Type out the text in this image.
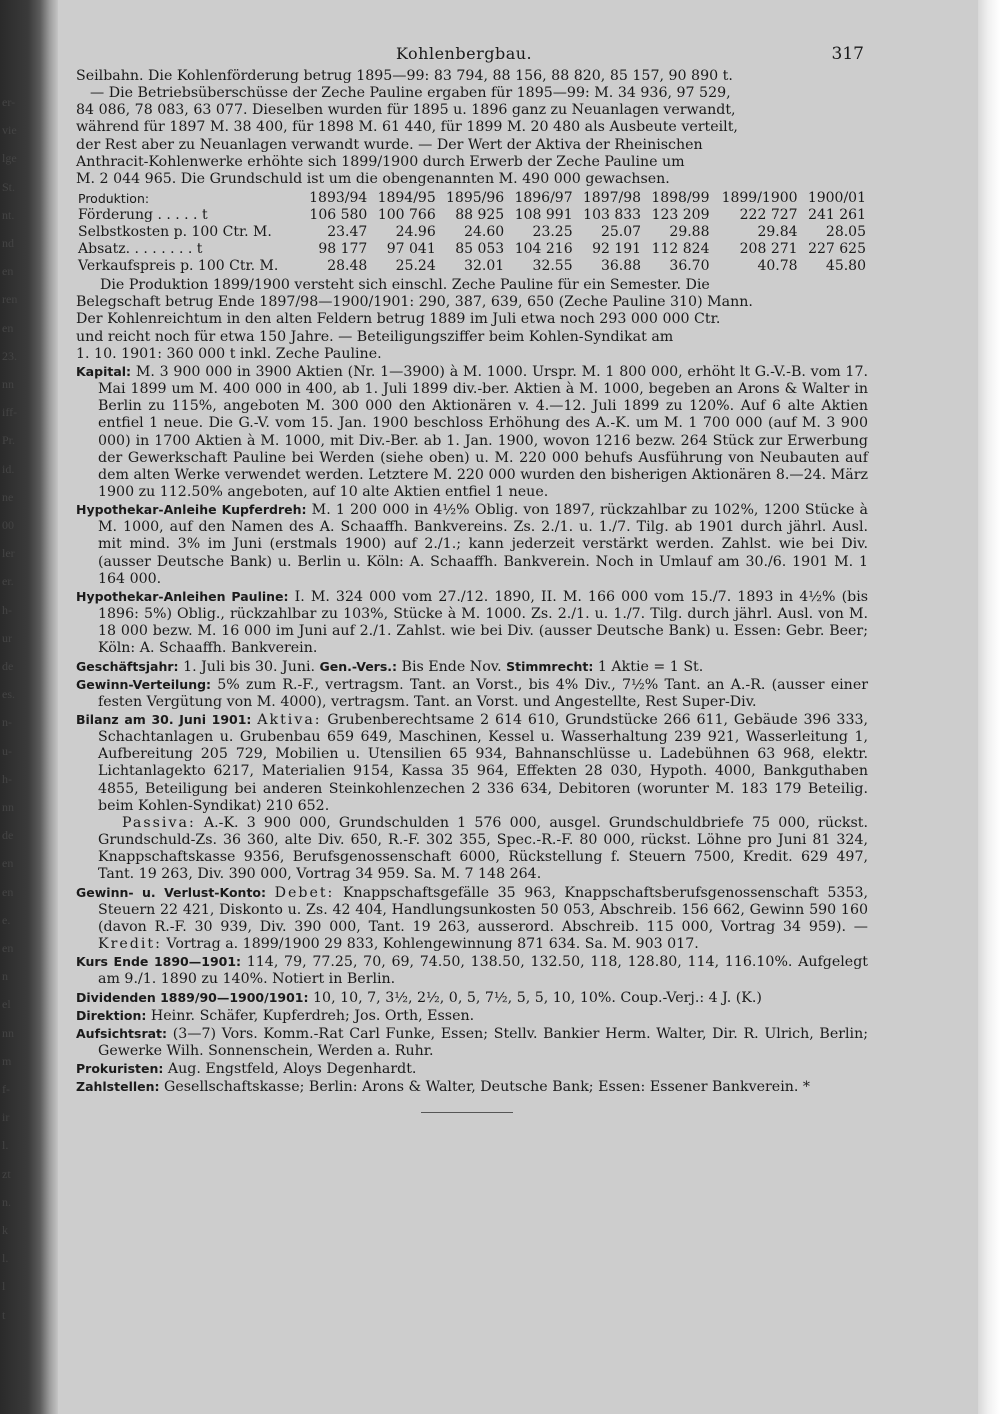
er-
vie
lge
St.
nt.
nd
en
ren
en
23.
nn
iff-
Pr.
id.
ne
00
ler
er.
h-
ur
de
es.
n-
u-
h-
nn
de
en
en
e.
en
n
el
nn
m
f-
ir
l.
zt
n.
k
l.
l
t
Kohlenbergbau.	317

Seilbahn. Die Kohlenförderung betrug 1895—99: 83 794, 88 156, 88 820, 85 157, 90 890 t.

— Die Betriebsüberschüsse der Zeche Pauline ergaben für 1895—99: M. 34 936, 97 529,

84 086, 78 083, 63 077. Dieselben wurden für 1895 u. 1896 ganz zu Neuanlagen verwandt,

während für 1897 M. 38 400, für 1898 M. 61 440, für 1899 M. 20 480 als Ausbeute verteilt,

der Rest aber zu Neuanlagen verwandt wurde. — Der Wert der Aktiva der Rheinischen

Anthracit-Kohlenwerke erhöhte sich 1899/1900 durch Erwerb der Zeche Pauline um

M. 2 044 965. Die Grundschuld ist um die obengenannten M. 490 000 gewachsen.

Produktion:	1893/94	1894/95	1895/96	1896/97	1897/98	1898/99	1899/1900	1900/01
Förderung . . . . . t	106 580	100 766	88 925	108 991	103 833	123 209	222 727	241 261
Selbstkosten p. 100 Ctr. M.	23.47	24.96	24.60	23.25	25.07	29.88	29.84	28.05
Absatz. . . . . . . . t	98 177	97 041	85 053	104 216	92 191	112 824	208 271	227 625
Verkaufspreis p. 100 Ctr. M.	28.48	25.24	32.01	32.55	36.88	36.70	40.78	45.80

Die Produktion 1899/1900 versteht sich einschl. Zeche Pauline für ein Semester. Die

Belegschaft betrug Ende 1897/98—1900/1901: 290, 387, 639, 650 (Zeche Pauline 310) Mann.

Der Kohlenreichtum in den alten Feldern betrug 1889 im Juli etwa noch 293 000 000 Ctr.

und reicht noch für etwa 150 Jahre. — Beteiligungsziffer beim Kohlen-Syndikat am

1. 10. 1901: 360 000 t inkl. Zeche Pauline.

Kapital: M. 3 900 000 in 3900 Aktien (Nr. 1—3900) à M. 1000. Urspr. M. 1 800 000, erhöht lt G.-V.-B. vom 17. Mai 1899 um M. 400 000 in 400, ab 1. Juli 1899 div.-ber. Aktien à M. 1000, begeben an Arons & Walter in Berlin zu 115%, angeboten M. 300 000 den Aktionären v. 4.—12. Juli 1899 zu 120%. Auf 6 alte Aktien entfiel 1 neue. Die G.-V. vom 15. Jan. 1900 beschloss Erhöhung des A.-K. um M. 1 700 000 (auf M. 3 900 000) in 1700 Aktien à M. 1000, mit Div.-Ber. ab 1. Jan. 1900, wovon 1216 bezw. 264 Stück zur Erwerbung der Gewerkschaft Pauline bei Werden (siehe oben) u. M. 220 000 behufs Ausführung von Neubauten auf dem alten Werke verwendet werden. Letztere M. 220 000 wurden den bisherigen Aktionären 8.—24. März 1900 zu 112.50% angeboten, auf 10 alte Aktien entfiel 1 neue.

Hypothekar-Anleihe Kupferdreh: M. 1 200 000 in 4½% Oblig. von 1897, rückzahlbar zu 102%, 1200 Stücke à M. 1000, auf den Namen des A. Schaaffh. Bankvereins. Zs. 2./1. u. 1./7. Tilg. ab 1901 durch jährl. Ausl. mit mind. 3% im Juni (erstmals 1900) auf 2./1.; kann jederzeit verstärkt werden. Zahlst. wie bei Div. (ausser Deutsche Bank) u. Berlin u. Köln: A. Schaaffh. Bankverein. Noch in Umlauf am 30./6. 1901 M. 1 164 000.

Hypothekar-Anleihen Pauline: I. M. 324 000 vom 27./12. 1890, II. M. 166 000 vom 15./7. 1893 in 4½% (bis 1896: 5%) Oblig., rückzahlbar zu 103%, Stücke à M. 1000. Zs. 2./1. u. 1./7. Tilg. durch jährl. Ausl. von M. 18 000 bezw. M. 16 000 im Juni auf 2./1. Zahlst. wie bei Div. (ausser Deutsche Bank) u. Essen: Gebr. Beer; Köln: A. Schaaffh. Bankverein.

Geschäftsjahr: 1. Juli bis 30. Juni. Gen.-Vers.: Bis Ende Nov. Stimmrecht: 1 Aktie = 1 St.

Gewinn-Verteilung: 5% zum R.-F., vertragsm. Tant. an Vorst., bis 4% Div., 7½% Tant. an A.-R. (ausser einer festen Vergütung von M. 4000), vertragsm. Tant. an Vorst. und Angestellte, Rest Super-Div.

Bilanz am 30. Juni 1901: Aktiva: Grubenberechtsame 2 614 610, Grundstücke 266 611, Gebäude 396 333, Schachtanlagen u. Grubenbau 659 649, Maschinen, Kessel u. Wasserhaltung 239 921, Wasserleitung 1, Aufbereitung 205 729, Mobilien u. Utensilien 65 934, Bahnanschlüsse u. Ladebühnen 63 968, elektr. Lichtanlagekto 6217, Materialien 9154, Kassa 35 964, Effekten 28 030, Hypoth. 4000, Bankguthaben 4855, Beteiligung bei anderen Steinkohlenzechen 2 336 634, Debitoren (worunter M. 183 179 Beteilig. beim Kohlen-Syndikat) 210 652.

Passiva: A.-K. 3 900 000, Grundschulden 1 576 000, ausgel. Grundschuldbriefe 75 000, rückst. Grundschuld-Zs. 36 360, alte Div. 650, R.-F. 302 355, Spec.-R.-F. 80 000, rückst. Löhne pro Juni 81 324, Knappschaftskasse 9356, Berufsgenossenschaft 6000, Rückstellung f. Steuern 7500, Kredit. 629 497, Tant. 19 263, Div. 390 000, Vortrag 34 959. Sa. M. 7 148 264.

Gewinn- u. Verlust-Konto: Debet: Knappschaftsgefälle 35 963, Knappschaftsberufsgenossenschaft 5353, Steuern 22 421, Diskonto u. Zs. 42 404, Handlungsunkosten 50 053, Abschreib. 156 662, Gewinn 590 160 (davon R.-F. 30 939, Div. 390 000, Tant. 19 263, ausserord. Abschreib. 115 000, Vortrag 34 959). — Kredit: Vortrag a. 1899/1900 29 833, Kohlengewinnung 871 634. Sa. M. 903 017.

Kurs Ende 1890—1901: 114, 79, 77.25, 70, 69, 74.50, 138.50, 132.50, 118, 128.80, 114, 116.10%. Aufgelegt am 9./1. 1890 zu 140%. Notiert in Berlin.

Dividenden 1889/90—1900/1901: 10, 10, 7, 3½, 2½, 0, 5, 7½, 5, 5, 10, 10%. Coup.-Verj.: 4 J. (K.)

Direktion: Heinr. Schäfer, Kupferdreh; Jos. Orth, Essen.

Aufsichtsrat: (3—7) Vors. Komm.-Rat Carl Funke, Essen; Stellv. Bankier Herm. Walter, Dir. R. Ulrich, Berlin; Gewerke Wilh. Sonnenschein, Werden a. Ruhr.

Prokuristen: Aug. Engstfeld, Aloys Degenhardt.

Zahlstellen: Gesellschaftskasse; Berlin: Arons & Walter, Deutsche Bank; Essen: Essener Bankverein. *
